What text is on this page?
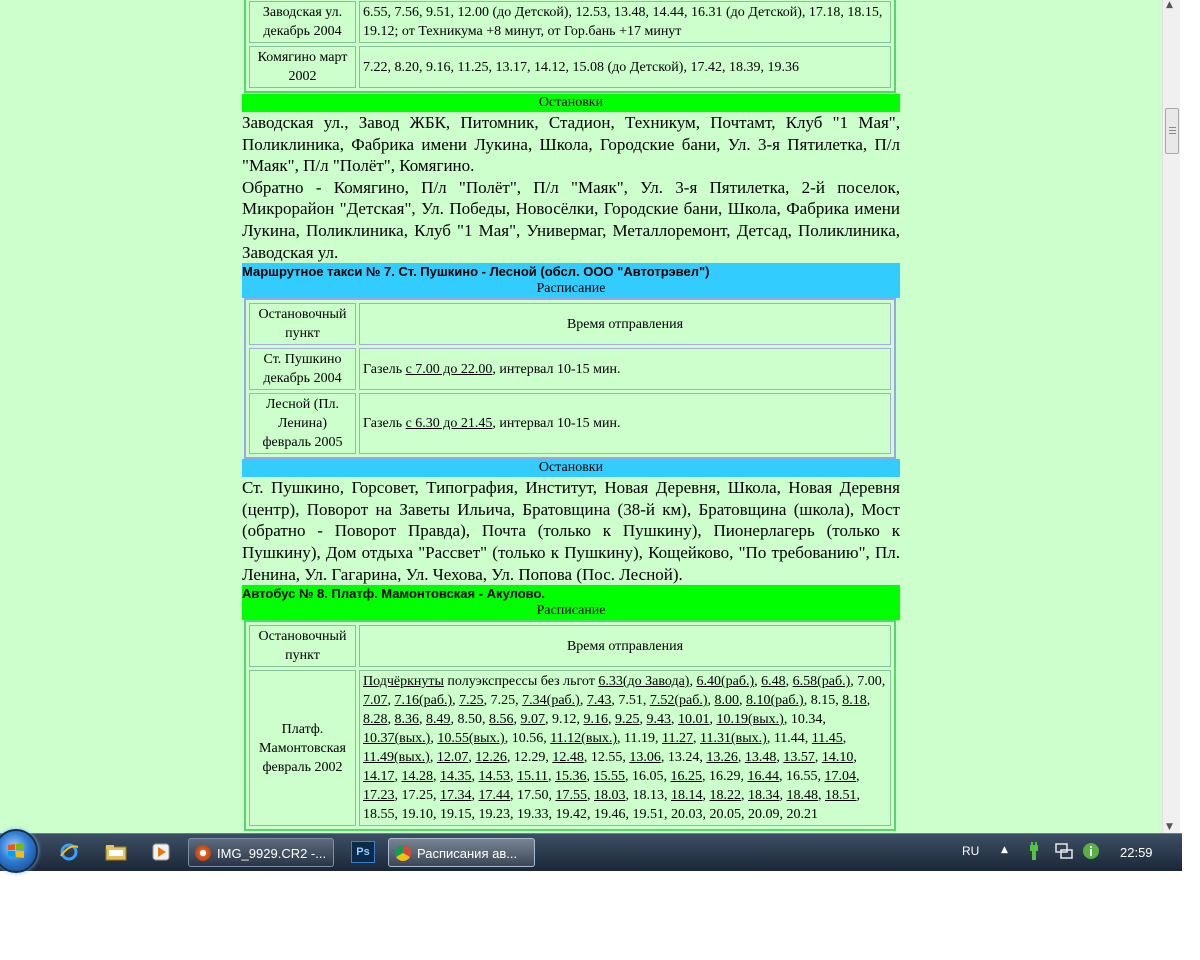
Заводская ул. декабрь 2004	6.55, 7.56, 9.51, 12.00 (до Детской), 12.53, 13.48, 14.44, 16.31 (до Детской), 17.18, 18.15, 19.12; от Техникума +8 минут, от Гор.бань +17 минут
Комягино март 2002	7.22, 8.20, 9.16, 11.25, 13.17, 14.12, 15.08 (до Детской), 17.42, 18.39, 19.36
Остановки

Заводская ул., Завод ЖБК, Питомник, Стадион, Техникум, Почтамт, Клуб "1 Мая", Поликлиника, Фабрика имени Лукина, Школа, Городские бани, Ул. 3-я Пятилетка, П/л "Маяк", П/л "Полёт", Комягино.

Обратно - Комягино, П/л "Полёт", П/л "Маяк", Ул. 3-я Пятилетка, 2-й поселок, Микрорайон "Детская", Ул. Победы, Новосёлки, Городские бани, Школа, Фабрика имени Лукина, Поликлиника, Клуб "1 Мая", Универмаг, Металлоремонт, Детсад, Поликлиника, Заводская ул.

Маршрутное такси № 7. Ст. Пушкино - Лесной (обсл. ООО "Автотрэвел")
Расписание
Остановочный пункт	Время отправления
Ст. Пушкино декабрь 2004	Газель с 7.00 до 22.00, интервал 10-15 мин.
Лесной (Пл. Ленина) февраль 2005	Газель с 6.30 до 21.45, интервал 10-15 мин.
Остановки

Ст. Пушкино, Горсовет, Типография, Институт, Новая Деревня, Школа, Новая Деревня (центр), Поворот на Заветы Ильича, Братовщина (38-й км), Братовщина (школа), Мост (обратно - Поворот Правда), Почта (только к Пушкину), Пионерлагерь (только к Пушкину), Дом отдыха "Рассвет" (только к Пушкину), Кощейково, "По требованию", Пл. Ленина, Ул. Гагарина, Ул. Чехова, Ул. Попова (Пос. Лесной).

Автобус № 8. Платф. Мамонтовская - Акулово.
Расписание
Остановочный пункт	Время отправления
Платф. Мамонтовская февраль 2002	Подчёркнуты полуэкспрессы без льгот 6.33(до Завода), 6.40(раб.), 6.48, 6.58(раб.), 7.00, 7.07, 7.16(раб.), 7.25, 7.25, 7.34(раб.), 7.43, 7.51, 7.52(раб.), 8.00, 8.10(раб.), 8.15, 8.18, 8.28, 8.36, 8.49, 8.50, 8.56, 9.07, 9.12, 9.16, 9.25, 9.43, 10.01, 10.19(вых.), 10.34, 10.37(вых.), 10.55(вых.), 10.56, 11.12(вых.), 11.19, 11.27, 11.31(вых.), 11.44, 11.45, 11.49(вых.), 12.07, 12.26, 12.29, 12.48, 12.55, 13.06, 13.24, 13.26, 13.48, 13.57, 14.10, 14.17, 14.28, 14.35, 14.53, 15.11, 15.36, 15.55, 16.05, 16.25, 16.29, 16.44, 16.55, 17.04, 17.23, 17.25, 17.34, 17.44, 17.50, 17.55, 18.03, 18.13, 18.14, 18.22, 18.34, 18.48, 18.51, 18.55, 19.10, 19.15, 19.23, 19.33, 19.42, 19.46, 19.51, 20.03, 20.05, 20.09, 20.21
▲
▼
IMG_9929.CR2 -...	Ps	Расписания ав...	RU ▲	22:59
